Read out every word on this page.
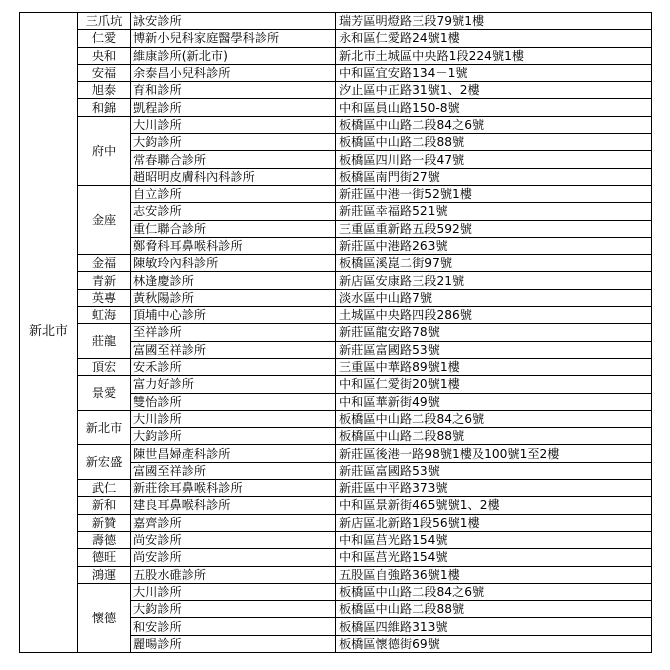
新北市	三爪坑	詠安診所	瑞芳區明燈路三段79號1樓
	仁愛	博新小兒科家庭醫學科診所	永和區仁愛路24號1樓
	央和	維康診所(新北市)	新北市土城區中央路1段224號1樓
	安福	余泰昌小兒科診所	中和區宜安路134－1號
	旭泰	育和診所	汐止區中正路31號1、2樓
	和錦	凱程診所	中和區員山路150-8號
	府中	大川診所	板橋區中山路二段84之6號
		大鈞診所	板橋區中山路二段88號
		常春聯合診所	板橋區四川路一段47號
		趙昭明皮膚科內科診所	板橋區南門街27號
	金座	自立診所	新莊區中港一街52號1樓
		志安診所	新莊區幸福路521號
		重仁聯合診所	三重區重新路五段592號
		鄭脅科耳鼻喉科診所	新莊區中港路263號
	金福	陳敏玲內科診所	板橋區溪崑二街97號
	青新	林逢慶診所	新店區安康路三段21號
	英專	黃秋陽診所	淡水區中山路7號
	虹海	頂埔中心診所	土城區中央路四段286號
	莊龍	至祥診所	新莊區龍安路78號
		富國至祥診所	新莊區富國路53號
	頂宏	安禾診所	三重區中華路89號1樓
	景愛	富力好診所	中和區仁愛街20號1樓
		雙怡診所	中和區華新街49號
	新北市	大川診所	板橋區中山路二段84之6號
		大鈞診所	板橋區中山路二段88號
	新宏盛	陳世昌婦產科診所	新莊區後港一路98號1樓及100號1至2樓
		富國至祥診所	新莊區富國路53號
	武仁	新莊徐耳鼻喉科診所	新莊區中平路373號
	新和	建良耳鼻喉科診所	中和區景新街465號號1、2樓
	新贊	嘉齊診所	新店區北新路1段56號1樓
	壽德	尚安診所	中和區莒光路154號
	德旺	尚安診所	中和區莒光路154號
	鴻運	五股水碓診所	五股區自強路36號1樓
	懷德	大川診所	板橋區中山路二段84之6號
		大鈞診所	板橋區中山路二段88號
		和安診所	板橋區四維路313號
		麗暘診所	板橋區懷德街69號
